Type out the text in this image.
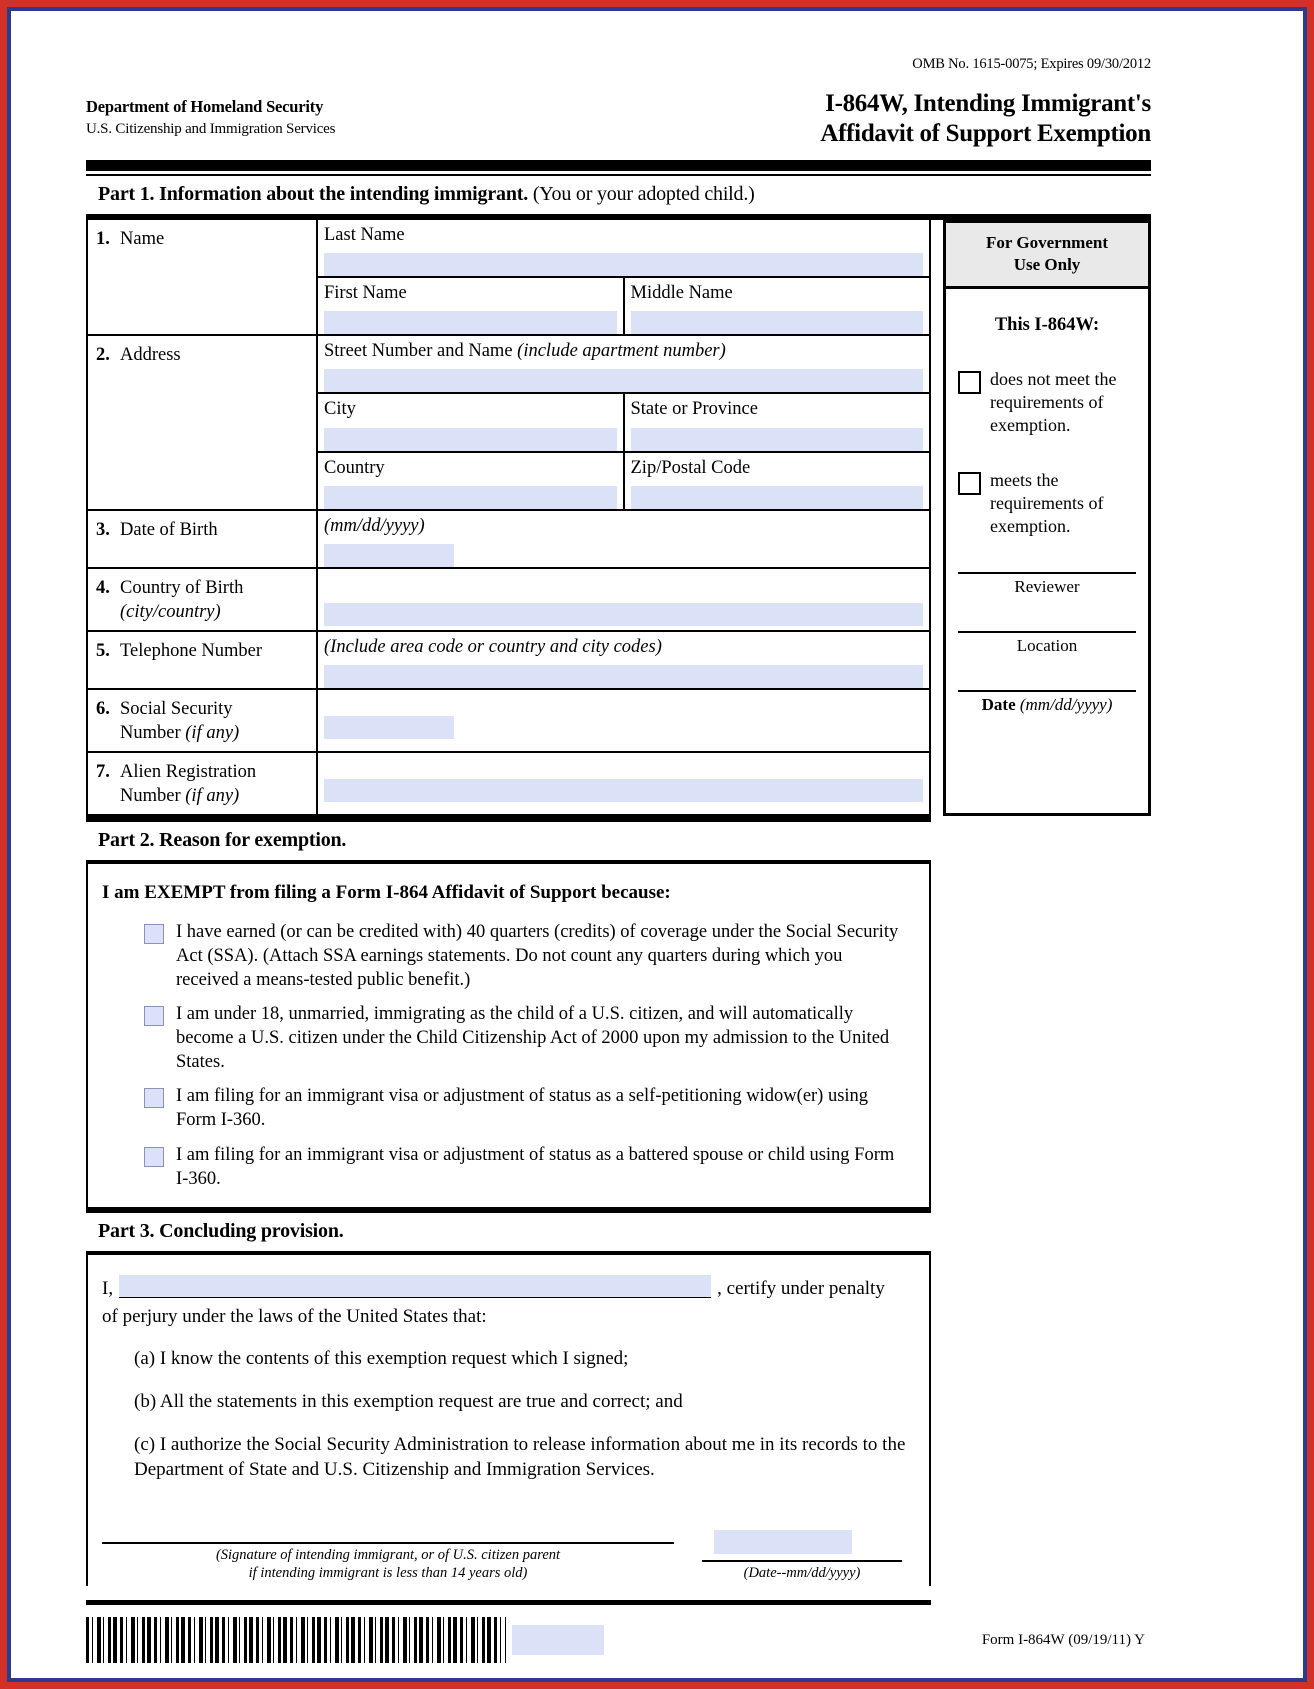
OMB No. 1615-0075; Expires 09/30/2012
Department of Homeland Security
U.S. Citizenship and Immigration Services
I-864W, Intending Immigrant's
Affidavit of Support Exemption
Part 1. Information about the intending immigrant. (You or your adopted child.)
1. Name	Last Name
First Name	Middle Name
2. Address	Street Number and Name (include apartment number)
City	State or Province
Country	Zip/Postal Code
3. Date of Birth	(mm/dd/yyyy)
4. Country of Birth
(city/country)
5. Telephone Number	(Include area code or country and city codes)
6. Social Security
Number (if any)
7. Alien Registration
Number (if any)
For Government
Use Only
This I-864W:
does not meet the requirements of exemption.
meets the requirements of exemption.
Reviewer
Location
Date (mm/dd/yyyy)
Part 2. Reason for exemption.
I am EXEMPT from filing a Form I-864 Affidavit of Support because:
I have earned (or can be credited with) 40 quarters (credits) of coverage under the Social Security Act (SSA). (Attach SSA earnings statements. Do not count any quarters during which you received a means-tested public benefit.)
I am under 18, unmarried, immigrating as the child of a U.S. citizen, and will automatically become a U.S. citizen under the Child Citizenship Act of 2000 upon my admission to the United States.
I am filing for an immigrant visa or adjustment of status as a self-petitioning widow(er) using Form I-360.
I am filing for an immigrant visa or adjustment of status as a battered spouse or child using Form I-360.
Part 3. Concluding provision.
I,	, certify under penalty
of perjury under the laws of the United States that:
(a) I know the contents of this exemption request which I signed;
(b) All the statements in this exemption request are true and correct; and
(c) I authorize the Social Security Administration to release information about me in its records to the Department of State and U.S. Citizenship and Immigration Services.
(Signature of intending immigrant, or of U.S. citizen parent
if intending immigrant is less than 14 years old)	(Date--mm/dd/yyyy)
Form I-864W (09/19/11) Y
